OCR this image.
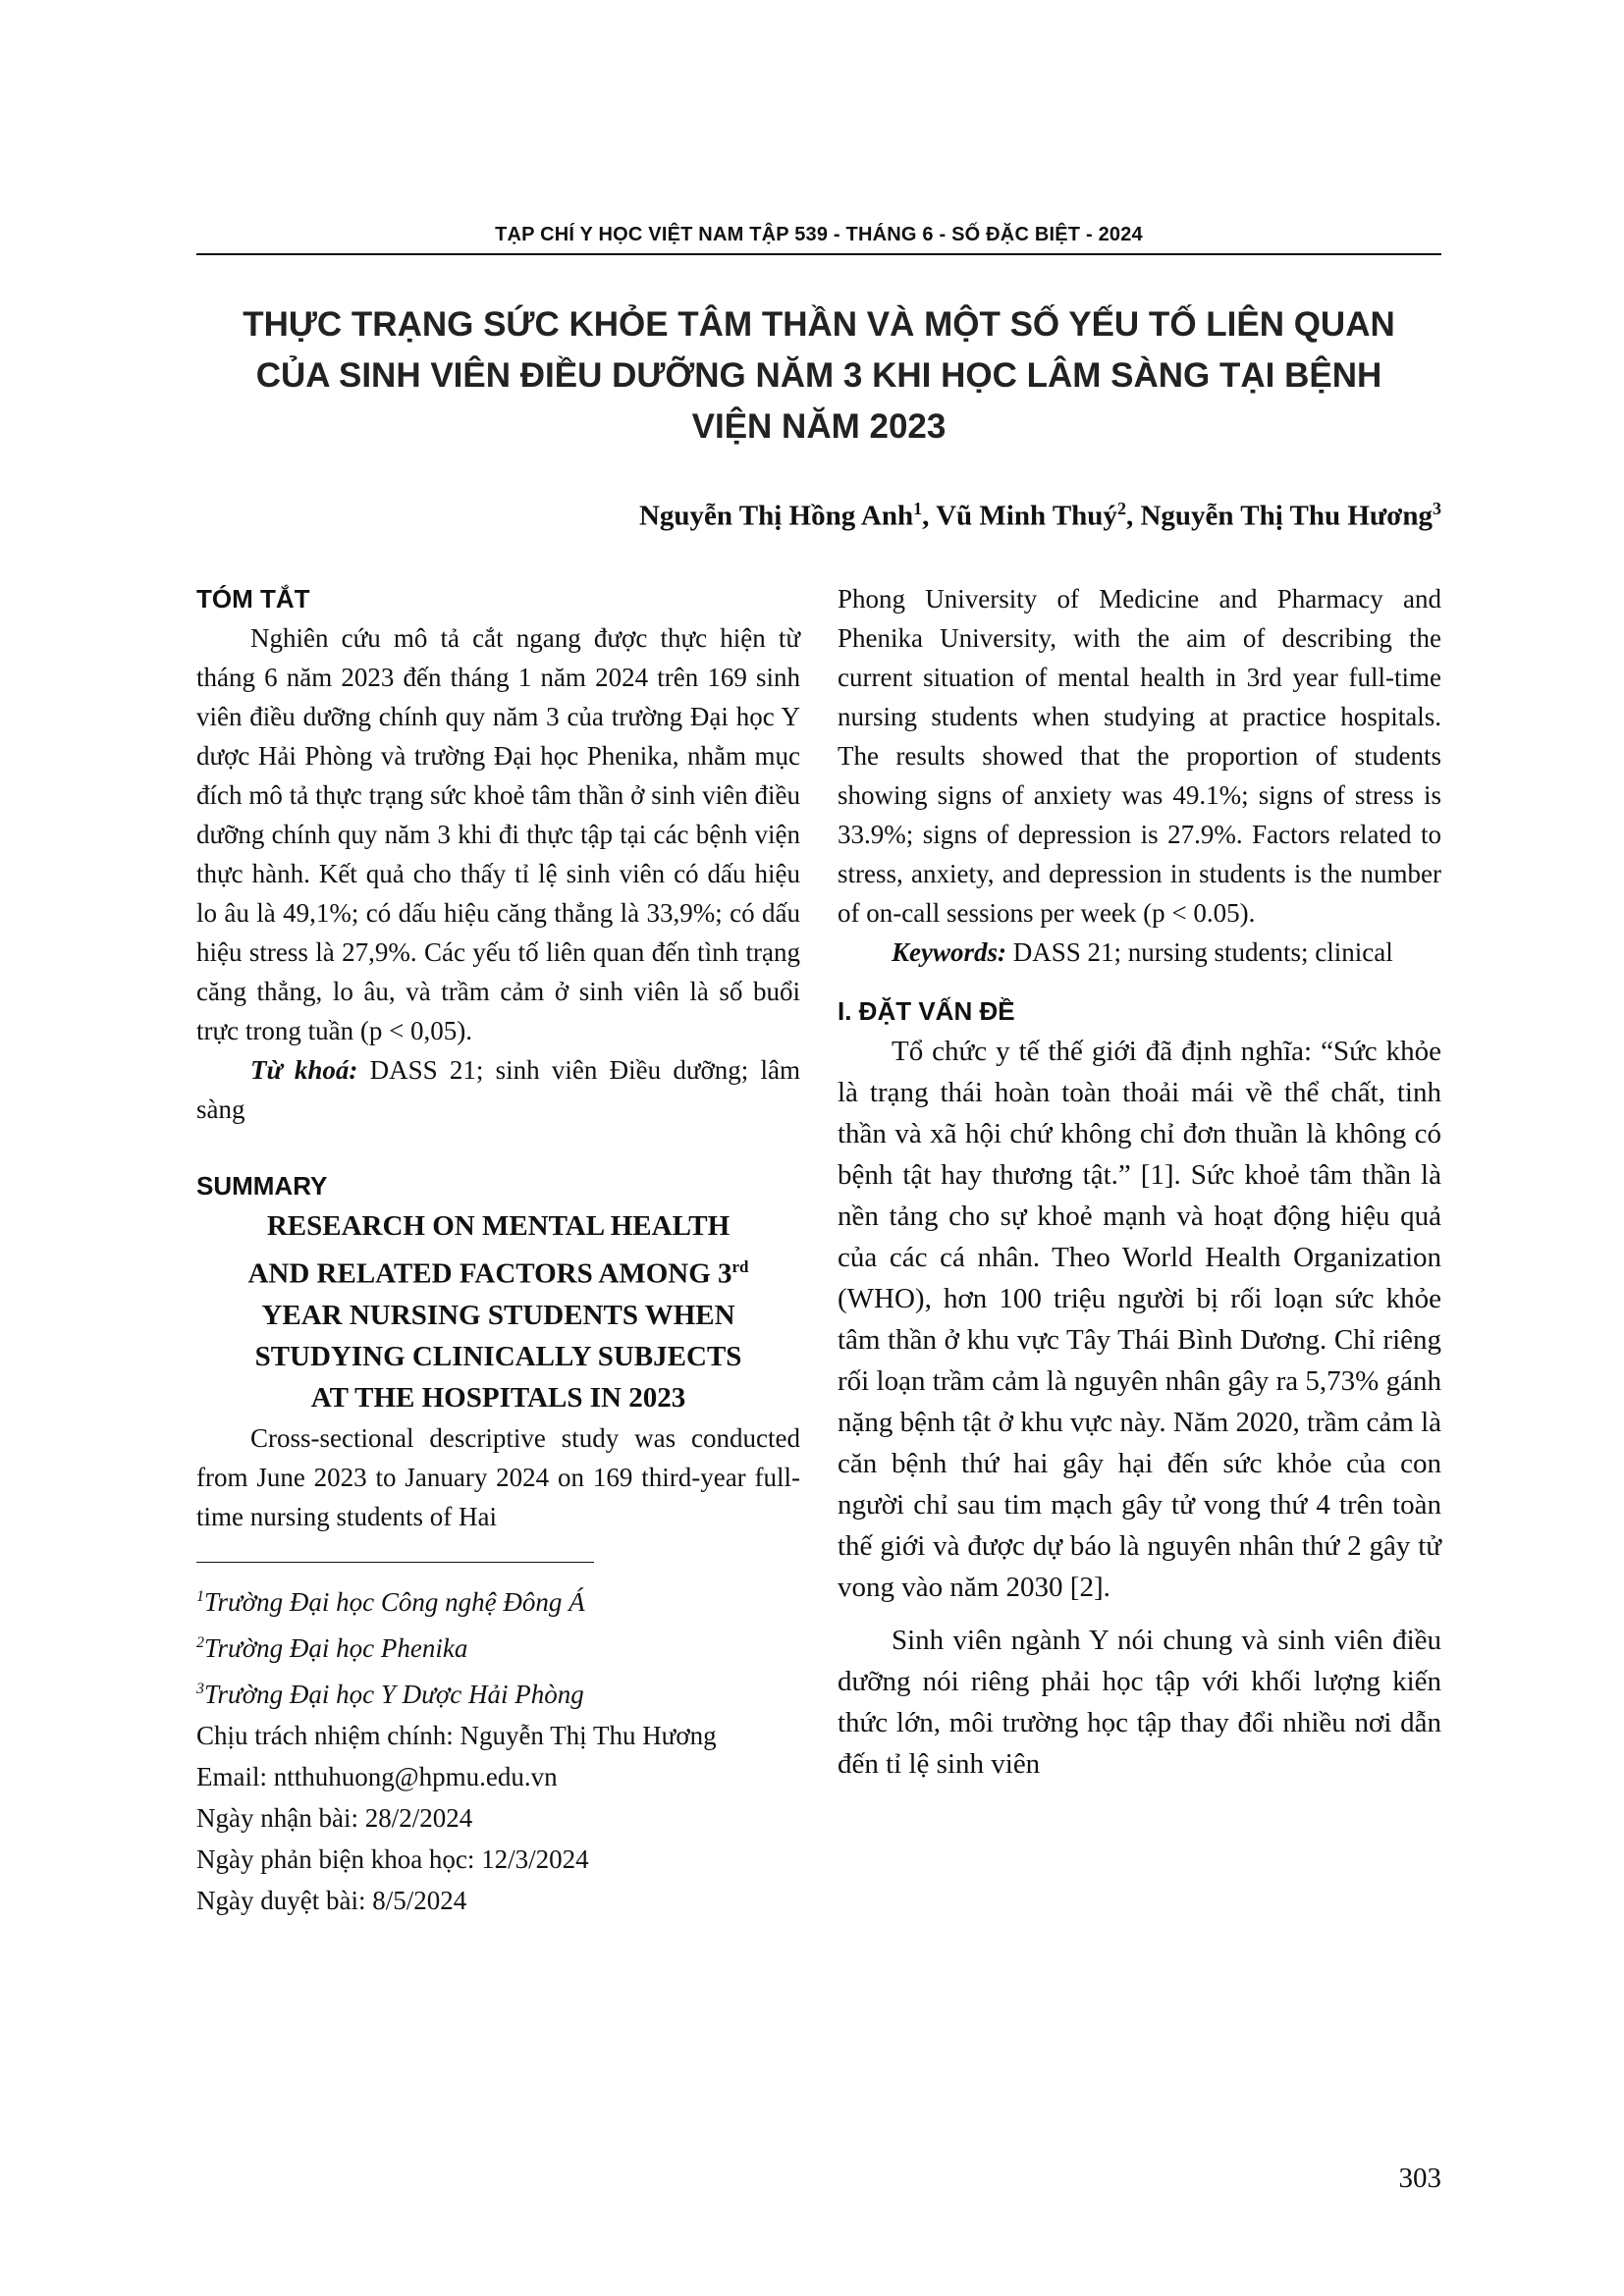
TẠP CHÍ Y HỌC VIỆT NAM TẬP 539 - THÁNG 6 - SỐ ĐẶC BIỆT - 2024
THỰC TRẠNG SỨC KHỎE TÂM THẦN VÀ MỘT SỐ YẾU TỐ LIÊN QUAN
CỦA SINH VIÊN ĐIỀU DƯỠNG NĂM 3 KHI HỌC LÂM SÀNG TẠI BỆNH
VIỆN NĂM 2023
Nguyễn Thị Hồng Anh$^1$, Vũ Minh Thuý$^2$, Nguyễn Thị Thu Hương$^3$
TÓM TẮT

Nghiên cứu mô tả cắt ngang được thực hiện từ tháng 6 năm 2023 đến tháng 1 năm 2024 trên 169 sinh viên điều dưỡng chính quy năm 3 của trường Đại học Y dược Hải Phòng và trường Đại học Phenika, nhằm mục đích mô tả thực trạng sức khoẻ tâm thần ở sinh viên điều dưỡng chính quy năm 3 khi đi thực tập tại các bệnh viện thực hành. Kết quả cho thấy tỉ lệ sinh viên có dấu hiệu lo âu là 49,1%; có dấu hiệu căng thẳng là 33,9%; có dấu hiệu stress là 27,9%. Các yếu tố liên quan đến tình trạng căng thẳng, lo âu, và trầm cảm ở sinh viên là số buổi trực trong tuần (p < 0,05).

Từ khoá: DASS 21; sinh viên Điều dưỡng; lâm sàng

SUMMARY
RESEARCH ON MENTAL HEALTH
AND RELATED FACTORS AMONG 3rd
YEAR NURSING STUDENTS WHEN
STUDYING CLINICALLY SUBJECTS
AT THE HOSPITALS IN 2023

Cross-sectional descriptive study was conducted from June 2023 to January 2024 on 169 third-year full-time nursing students of Hai

$^1$Trường Đại học Công nghệ Đông Á

$^2$Trường Đại học Phenika

$^3$Trường Đại học Y Dược Hải Phòng

Chịu trách nhiệm chính: Nguyễn Thị Thu Hương

Email: ntthuhuong@hpmu.edu.vn

Ngày nhận bài: 28/2/2024

Ngày phản biện khoa học: 12/3/2024

Ngày duyệt bài: 8/5/2024

Phong University of Medicine and Pharmacy and Phenika University, with the aim of describing the current situation of mental health in 3rd year full-time nursing students when studying at practice hospitals. The results showed that the proportion of students showing signs of anxiety was 49.1%; signs of stress is 33.9%; signs of depression is 27.9%. Factors related to stress, anxiety, and depression in students is the number of on-call sessions per week (p < 0.05).

Keywords: DASS 21; nursing students; clinical

I. ĐẶT VẤN ĐỀ

Tổ chức y tế thế giới đã định nghĩa: “Sức khỏe là trạng thái hoàn toàn thoải mái về thể chất, tinh thần và xã hội chứ không chỉ đơn thuần là không có bệnh tật hay thương tật.” [1]. Sức khoẻ tâm thần là nền tảng cho sự khoẻ mạnh và hoạt động hiệu quả của các cá nhân. Theo World Health Organization (WHO), hơn 100 triệu người bị rối loạn sức khỏe tâm thần ở khu vực Tây Thái Bình Dương. Chỉ riêng rối loạn trầm cảm là nguyên nhân gây ra 5,73% gánh nặng bệnh tật ở khu vực này. Năm 2020, trầm cảm là căn bệnh thứ hai gây hại đến sức khỏe của con người chỉ sau tim mạch gây tử vong thứ 4 trên toàn thế giới và được dự báo là nguyên nhân thứ 2 gây tử vong vào năm 2030 [2].

Sinh viên ngành Y nói chung và sinh viên điều dưỡng nói riêng phải học tập với khối lượng kiến thức lớn, môi trường học tập thay đổi nhiều nơi dẫn đến tỉ lệ sinh viên

303
